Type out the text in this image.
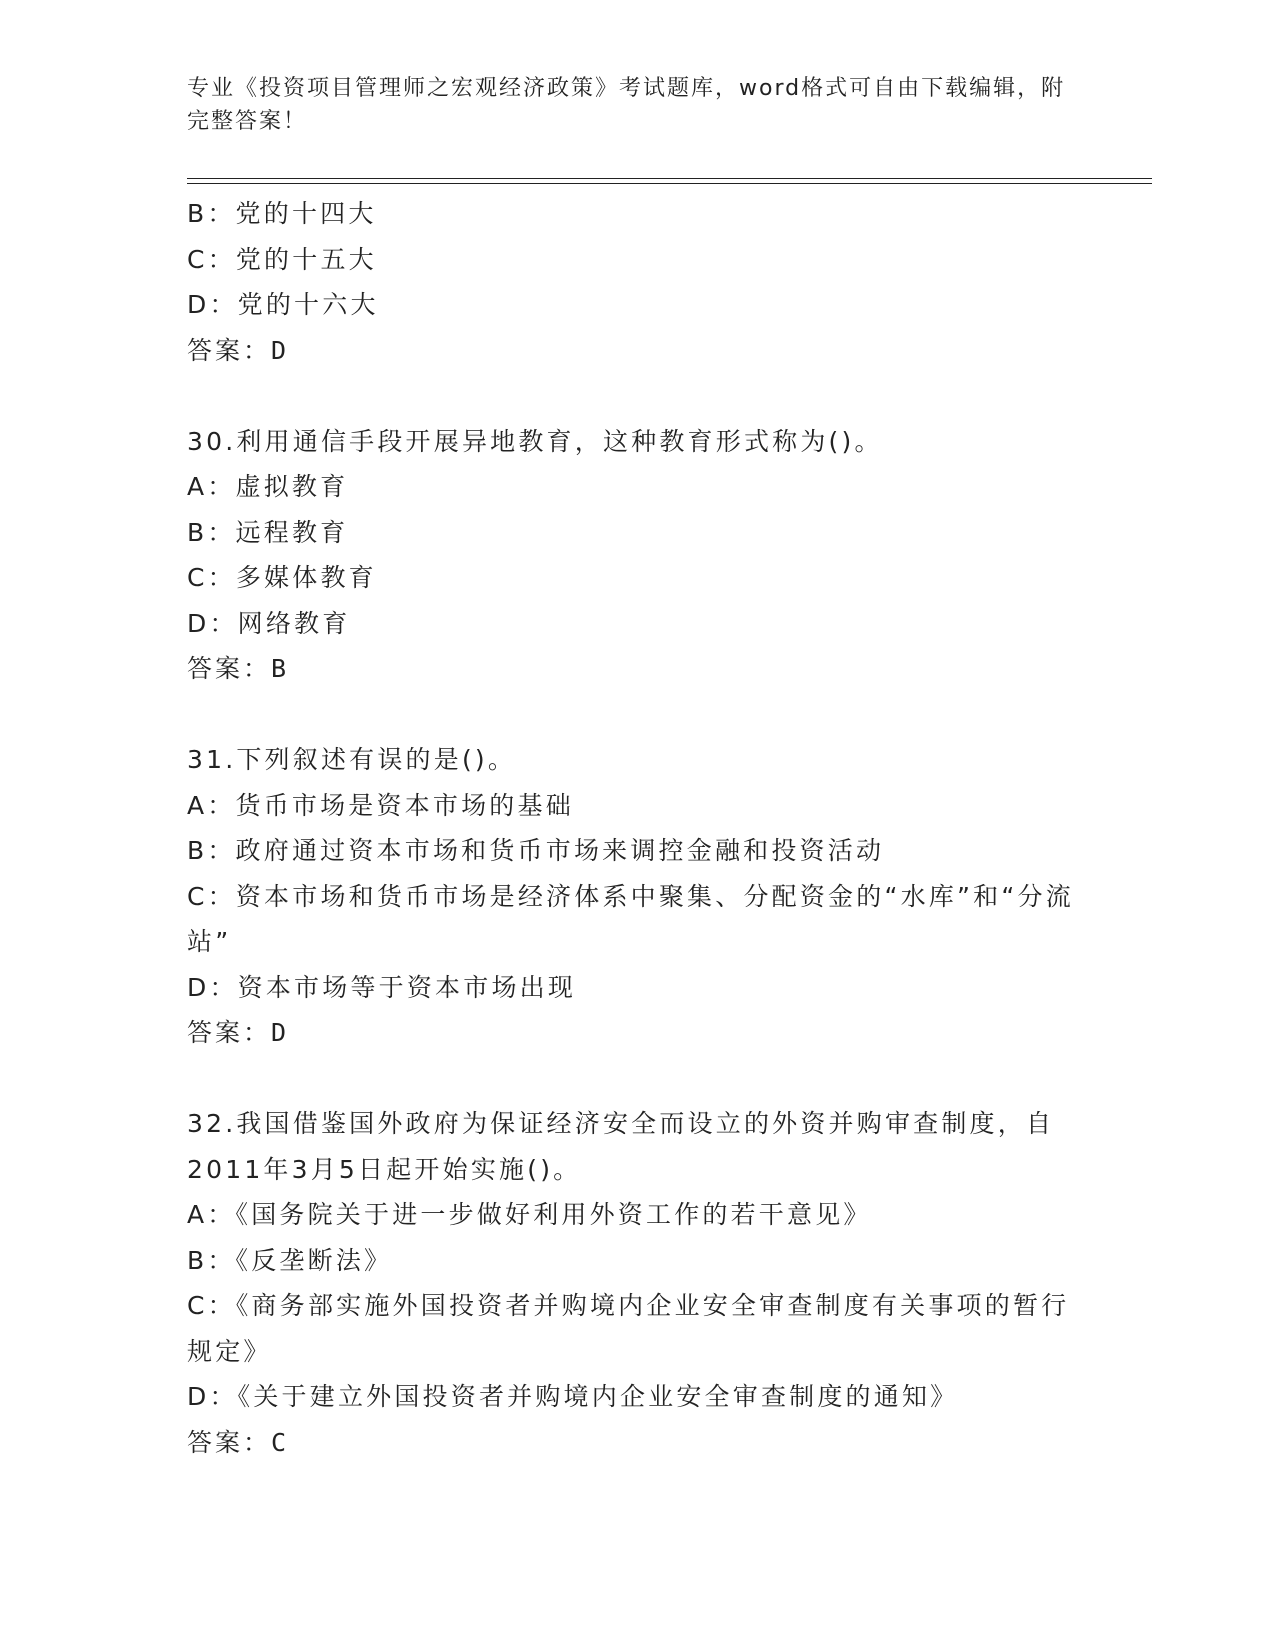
专业《投资项目管理师之宏观经济政策》考试题库，word格式可自由下载编辑，附完整答案！
B：党的十四大
C：党的十五大
D：党的十六大
答案：D
30.利用通信手段开展异地教育，这种教育形式称为()。
A：虚拟教育
B：远程教育
C：多媒体教育
D：网络教育
答案：B
31.下列叙述有误的是()。
A：货币市场是资本市场的基础
B：政府通过资本市场和货币市场来调控金融和投资活动
C：资本市场和货币市场是经济体系中聚集、分配资金的“水库”和“分流站”
D：资本市场等于资本市场出现
答案：D
32.我国借鉴国外政府为保证经济安全而设立的外资并购审查制度，自2011年3月5日起开始实施()。
A：《国务院关于进一步做好利用外资工作的若干意见》
B：《反垄断法》
C：《商务部实施外国投资者并购境内企业安全审查制度有关事项的暂行规定》
D：《关于建立外国投资者并购境内企业安全审查制度的通知》
答案：C
